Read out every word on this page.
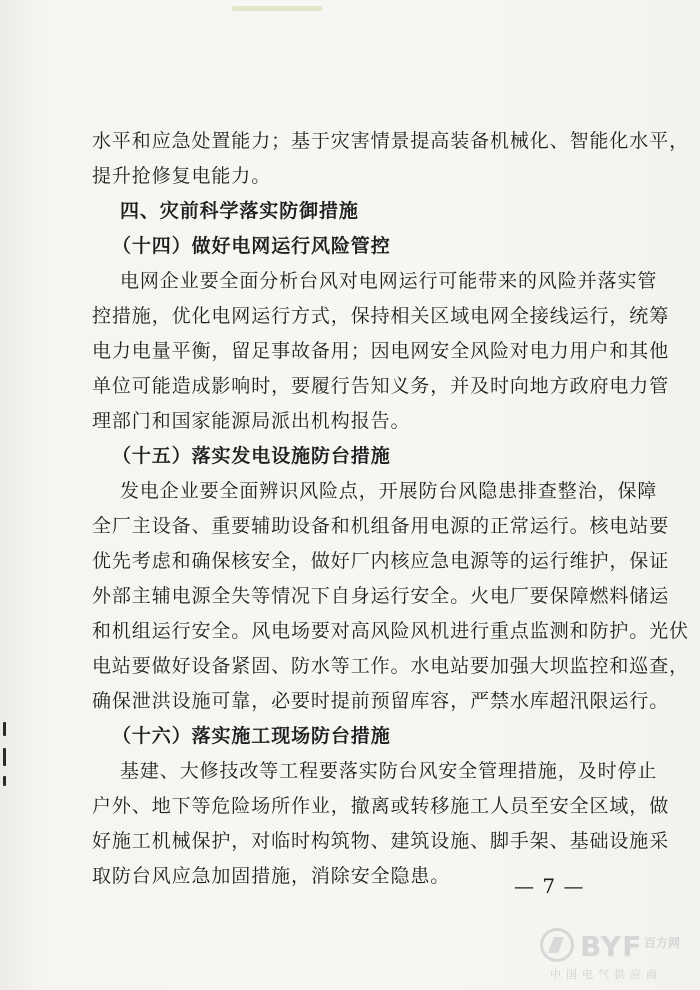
水平和应急处置能力；基于灾害情景提高装备机械化、智能化水平，
提升抢修复电能力。
四、灾前科学落实防御措施
（十四）做好电网运行风险管控
电网企业要全面分析台风对电网运行可能带来的风险并落实管
控措施，优化电网运行方式，保持相关区域电网全接线运行，统筹
电力电量平衡，留足事故备用；因电网安全风险对电力用户和其他
单位可能造成影响时，要履行告知义务，并及时向地方政府电力管
理部门和国家能源局派出机构报告。
（十五）落实发电设施防台措施
发电企业要全面辨识风险点，开展防台风隐患排查整治，保障
全厂主设备、重要辅助设备和机组备用电源的正常运行。核电站要
优先考虑和确保核安全，做好厂内核应急电源等的运行维护，保证
外部主辅电源全失等情况下自身运行安全。火电厂要保障燃料储运
和机组运行安全。风电场要对高风险风机进行重点监测和防护。光伏
电站要做好设备紧固、防水等工作。水电站要加强大坝监控和巡查，
确保泄洪设施可靠，必要时提前预留库容，严禁水库超汛限运行。
（十六）落实施工现场防台措施
基建、大修技改等工程要落实防台风安全管理措施，及时停止
户外、地下等危险场所作业，撤离或转移施工人员至安全区域，做
好施工机械保护，对临时构筑物、建筑设施、脚手架、基础设施采
取防台风应急加固措施，消除安全隐患。	— 7 —
BYF 百方网
中国电气供应商
